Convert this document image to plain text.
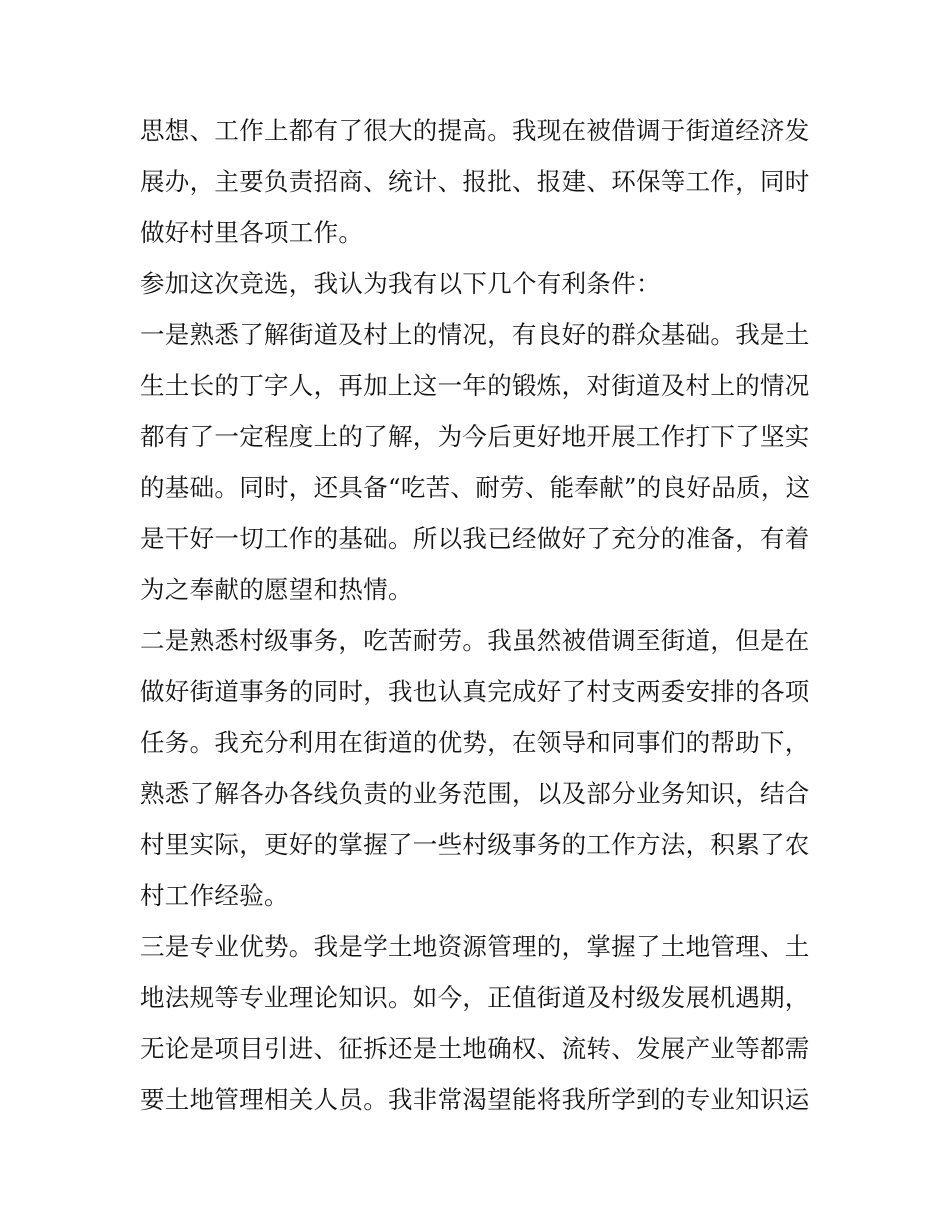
思想、工作上都有了很大的提高。我现在被借调于街道经济发
展办，主要负责招商、统计、报批、报建、环保等工作，同时
做好村里各项工作。
参加这次竞选，我认为我有以下几个有利条件：
一是熟悉了解街道及村上的情况，有良好的群众基础。我是土
生土长的丁字人，再加上这一年的锻炼，对街道及村上的情况
都有了一定程度上的了解，为今后更好地开展工作打下了坚实
的基础。同时，还具备“吃苦、耐劳、能奉献”的良好品质，这
是干好一切工作的基础。所以我已经做好了充分的准备，有着
为之奉献的愿望和热情。
二是熟悉村级事务，吃苦耐劳。我虽然被借调至街道，但是在
做好街道事务的同时，我也认真完成好了村支两委安排的各项
任务。我充分利用在街道的优势，在领导和同事们的帮助下，
熟悉了解各办各线负责的业务范围，以及部分业务知识，结合
村里实际，更好的掌握了一些村级事务的工作方法，积累了农
村工作经验。
三是专业优势。我是学土地资源管理的，掌握了土地管理、土
地法规等专业理论知识。如今，正值街道及村级发展机遇期，
无论是项目引进、征拆还是土地确权、流转、发展产业等都需
要土地管理相关人员。我非常渴望能将我所学到的专业知识运
